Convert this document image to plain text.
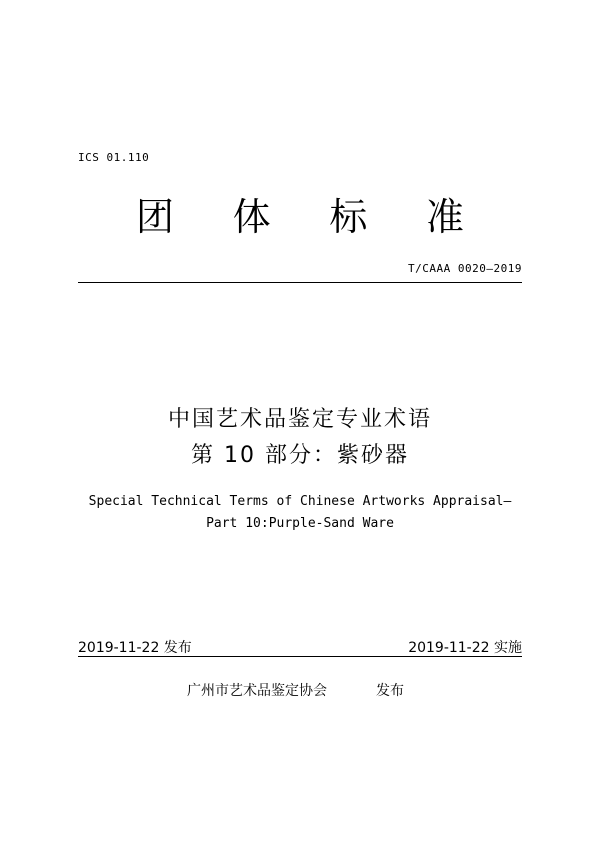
ICS 01.110
团 体 标 准
T/CAAA 0020—2019
中国艺术品鉴定专业术语
第 10 部分：紫砂器
Special Technical Terms of Chinese Artworks Appraisal—
Part 10:Purple-Sand Ware
2019-11-22 发布	2019-11-22 实施
广州市艺术品鉴定协会	发布
